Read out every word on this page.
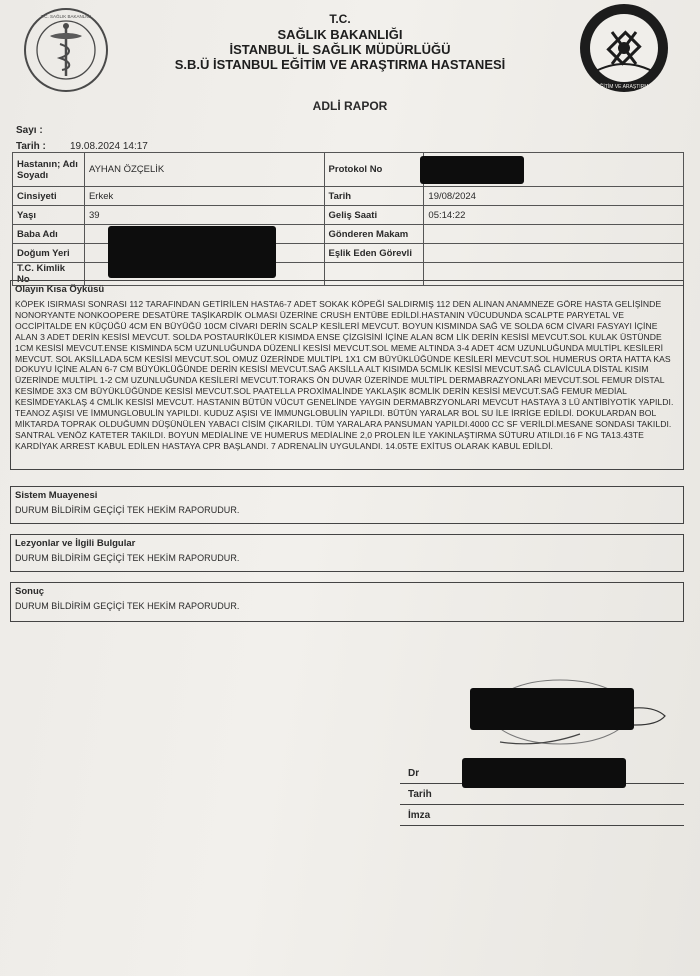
T.C. SAĞLIK BAKANLIĞI	T.C.
SAĞLIK BAKANLIĞI
İSTANBUL İL SAĞLIK MÜDÜRLÜĞÜ
S.B.Ü İSTANBUL EĞİTİM VE ARAŞTIRMA HASTANESİ
EĞİTİM VE ARAŞTIRMA
ADLİ RAPOR
Sayı :
Tarih : 19.08.2024 14:17
Hastanın; Adı Soyadı	AYHAN ÖZÇELİK	Protokol No	
Cinsiyeti	Erkek	Tarih	19/08/2024
Yaşı	39	Geliş Saati	05:14:22
Baba Adı		Gönderen Makam	
Doğum Yeri		Eşlik Eden Görevli	
T.C. Kimlik No			
Olayın Kısa Öyküsü
KÖPEK ISIRMASI SONRASI 112 TARAFINDAN GETİRİLEN HASTA6-7 ADET SOKAK KÖPEĞİ SALDIRMIŞ 112 DEN ALINAN ANAMNEZE GÖRE HASTA GELİŞİNDE NONORYANTE NONKOOPERE DESATÜRE TAŞİKARDİK OLMASI ÜZERİNE CRUSH ENTÜBE EDİLDİ.HASTANIN VÜCUDUNDA SCALPTE PARYETAL VE OCCİPİTALDE EN KÜÇÜĞÜ 4CM EN BÜYÜĞÜ 10CM CİVARI DERİN SCALP KESİLERİ MEVCUT. BOYUN KISMINDA SAĞ VE SOLDA 6CM CİVARI FASYAYI İÇİNE ALAN 3 ADET DERİN KESİSİ MEVCUT. SOLDA POSTAURİKÜLER KISIMDA ENSE ÇİZGİSİNİ İÇİNE ALAN 8CM LİK DERİN KESİSİ MEVCUT.SOL KULAK ÜSTÜNDE 1CM KESİSİ MEVCUT.ENSE KISMINDA 5CM UZUNLUĞUNDA DÜZENLİ KESİSİ MEVCUT.SOL MEME ALTINDA 3-4 ADET 4CM UZUNLUĞUNDA MULTİPL KESİLERİ MEVCUT. SOL AKSİLLADA 5CM KESİSİ MEVCUT.SOL OMUZ ÜZERİNDE MULTİPL 1X1 CM BÜYÜKLÜĞÜNDE KESİLERİ MEVCUT.SOL HUMERUS ORTA HATTA KAS DOKUYU İÇİNE ALAN 6-7 CM BÜYÜKLÜĞÜNDE DERİN KESİSİ MEVCUT.SAĞ AKSİLLA ALT KISIMDA 5CMLİK KESİSİ MEVCUT.SAĞ CLAVİCULA DİSTAL KISIM ÜZERİNDE MULTİPL 1-2 CM UZUNLUĞUNDA KESİLERİ MEVCUT.TORAKS ÖN DUVAR ÜZERİNDE MULTİPL DERMABRAZYONLARI MEVCUT.SOL FEMUR DİSTAL KESİMDE 3X3 CM BÜYÜKLÜĞÜNDE KESİSİ MEVCUT.SOL PAATELLA PROXİMALİNDE YAKLAŞIK 8CMLİK DERİN KESİSİ MEVCUT.SAĞ FEMUR MEDİAL KESİMDEYAKLAŞ 4 CMLİK KESİSİ MEVCUT. HASTANIN BÜTÜN VÜCUT GENELİNDE YAYGIN DERMABRZYONLARI MEVCUT HASTAYA 3 LÜ ANTİBİYOTİK YAPILDI. TEANOZ AŞISI VE İMMUNGLOBULİN YAPILDI. KUDUZ AŞISI VE İMMUNGLOBULİN YAPILDI. BÜTÜN YARALAR BOL SU İLE İRRİGE EDİLDİ. DOKULARDAN BOL MİKTARDA TOPRAK OLDUĞUMN DÜŞÜNÜLEN YABACI CİSİM ÇIKARILDI. TÜM YARALARA PANSUMAN YAPILDI.4000 CC SF VERİLDİ.MESANE SONDASI TAKILDI. SANTRAL VENÖZ KATETER TAKILDI. BOYUN MEDİALİNE VE HUMERUS MEDİALİNE 2,0 PROLEN İLE YAKINLAŞTIRMA SÜTURU ATILDI.16 F NG TA13.43TE KARDİYAK ARREST KABUL EDİLEN HASTAYA CPR BAŞLANDI. 7 ADRENALİN UYGULANDI. 14.05TE EXİTUS OLARAK KABUL EDİLDİ.
Sistem Muayenesi
DURUM BİLDİRİM GEÇİÇİ TEK HEKİM RAPORUDUR.
Lezyonlar ve İlgili Bulgular
DURUM BİLDİRİM GEÇİÇİ TEK HEKİM RAPORUDUR.
Sonuç
DURUM BİLDİRİM GEÇİÇİ TEK HEKİM RAPORUDUR.
Dr
Tarih
İmza
